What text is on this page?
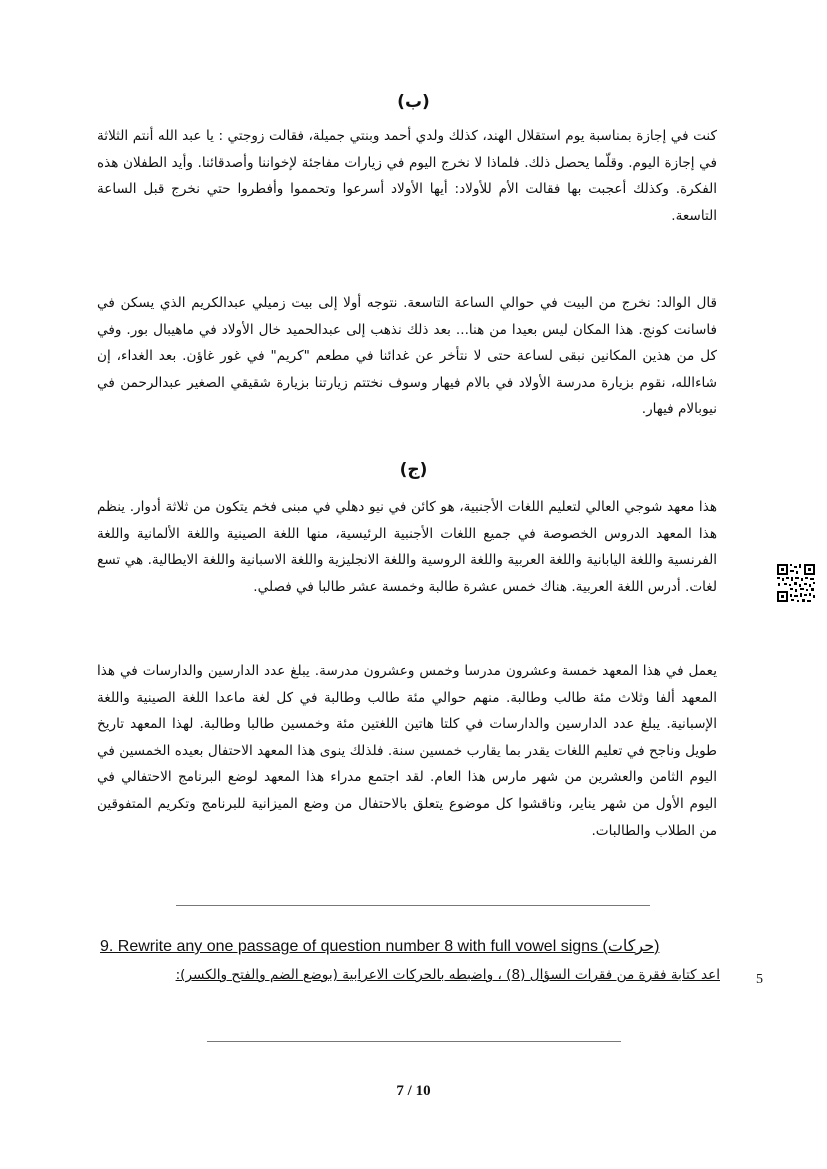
(ب)

كنت في إجازة بمناسبة يوم استقلال الهند، كذلك ولدي أحمد وبنتي جميلة، فقالت زوجتي : يا عبد الله أنتم الثلاثة في إجازة اليوم. وقلّما يحصل ذلك. فلماذا لا نخرج اليوم في زيارات مفاجئة لإخواننا وأصدقائنا. وأيد الطفلان هذه الفكرة. وكذلك أعجبت بها فقالت الأم للأولاد: أيها الأولاد أسرعوا وتحمموا وأفطروا حتي نخرج قبل الساعة التاسعة.

قال الوالد: نخرج من البيت في حوالي الساعة التاسعة. نتوجه أولا إلى بيت زميلي عبدالكريم الذي يسكن في فاسانت كونج. هذا المكان ليس بعيدا من هنا... بعد ذلك نذهب إلى عبدالحميد خال الأولاد في ماهيبال بور. وفي كل من هذين المكانين نبقى لساعة حتى لا نتأخر عن غدائنا في مطعم "كريم" في غور غاؤن. بعد الغداء، إن شاءالله، نقوم بزيارة مدرسة الأولاد في بالام فيهار وسوف نختتم زيارتنا بزيارة شقيقي الصغير عبدالرحمن في نيوبالام فيهار.

(ج)

هذا معهد شوجي العالي لتعليم اللغات الأجنبية، هو كائن في نيو دهلي في مبنى فخم يتكون من ثلاثة أدوار. ينظم هذا المعهد الدروس الخصوصة في جميع اللغات الأجنبية الرئيسية، منها اللغة الصينية واللغة الألمانية واللغة الفرنسية واللغة اليابانية واللغة العربية واللغة الروسية واللغة الانجليزية واللغة الاسبانية واللغة الايطالية. هي تسع لغات. أدرس اللغة العربية. هناك خمس عشرة طالبة وخمسة عشر طالبا في فصلي.

يعمل في هذا المعهد خمسة وعشرون مدرسا وخمس وعشرون مدرسة. يبلغ عدد الدارسين والدارسات في هذا المعهد ألفا وثلاث مئة طالب وطالبة. منهم حوالي مئة طالب وطالبة في كل لغة ماعدا اللغة الصينية واللغة الإسبانية. يبلغ عدد الدارسين والدارسات في كلتا هاتين اللغتين مئة وخمسين طالبا وطالبة. لهذا المعهد تاريخ طويل وناجح في تعليم اللغات يقدر بما يقارب خمسين سنة. فلذلك ينوى هذا المعهد الاحتفال بعيده الخمسين في اليوم الثامن والعشرين من شهر مارس هذا العام. لقد اجتمع مدراء هذا المعهد لوضع البرنامج الاحتفالي في اليوم الأول من شهر يناير، وناقشوا كل موضوع يتعلق بالاحتفال من وضع الميزانية للبرنامج وتكريم المتفوقين من الطلاب والطالبات.

9. Rewrite any one passage of question number 8 with full vowel signs (حركات)
اعد كتابة فقرة من فقرات السؤال (8) ، واضبطه بالحركات الاعرابية (بوضع الضم والفتح والكسر):	5
7 / 10
